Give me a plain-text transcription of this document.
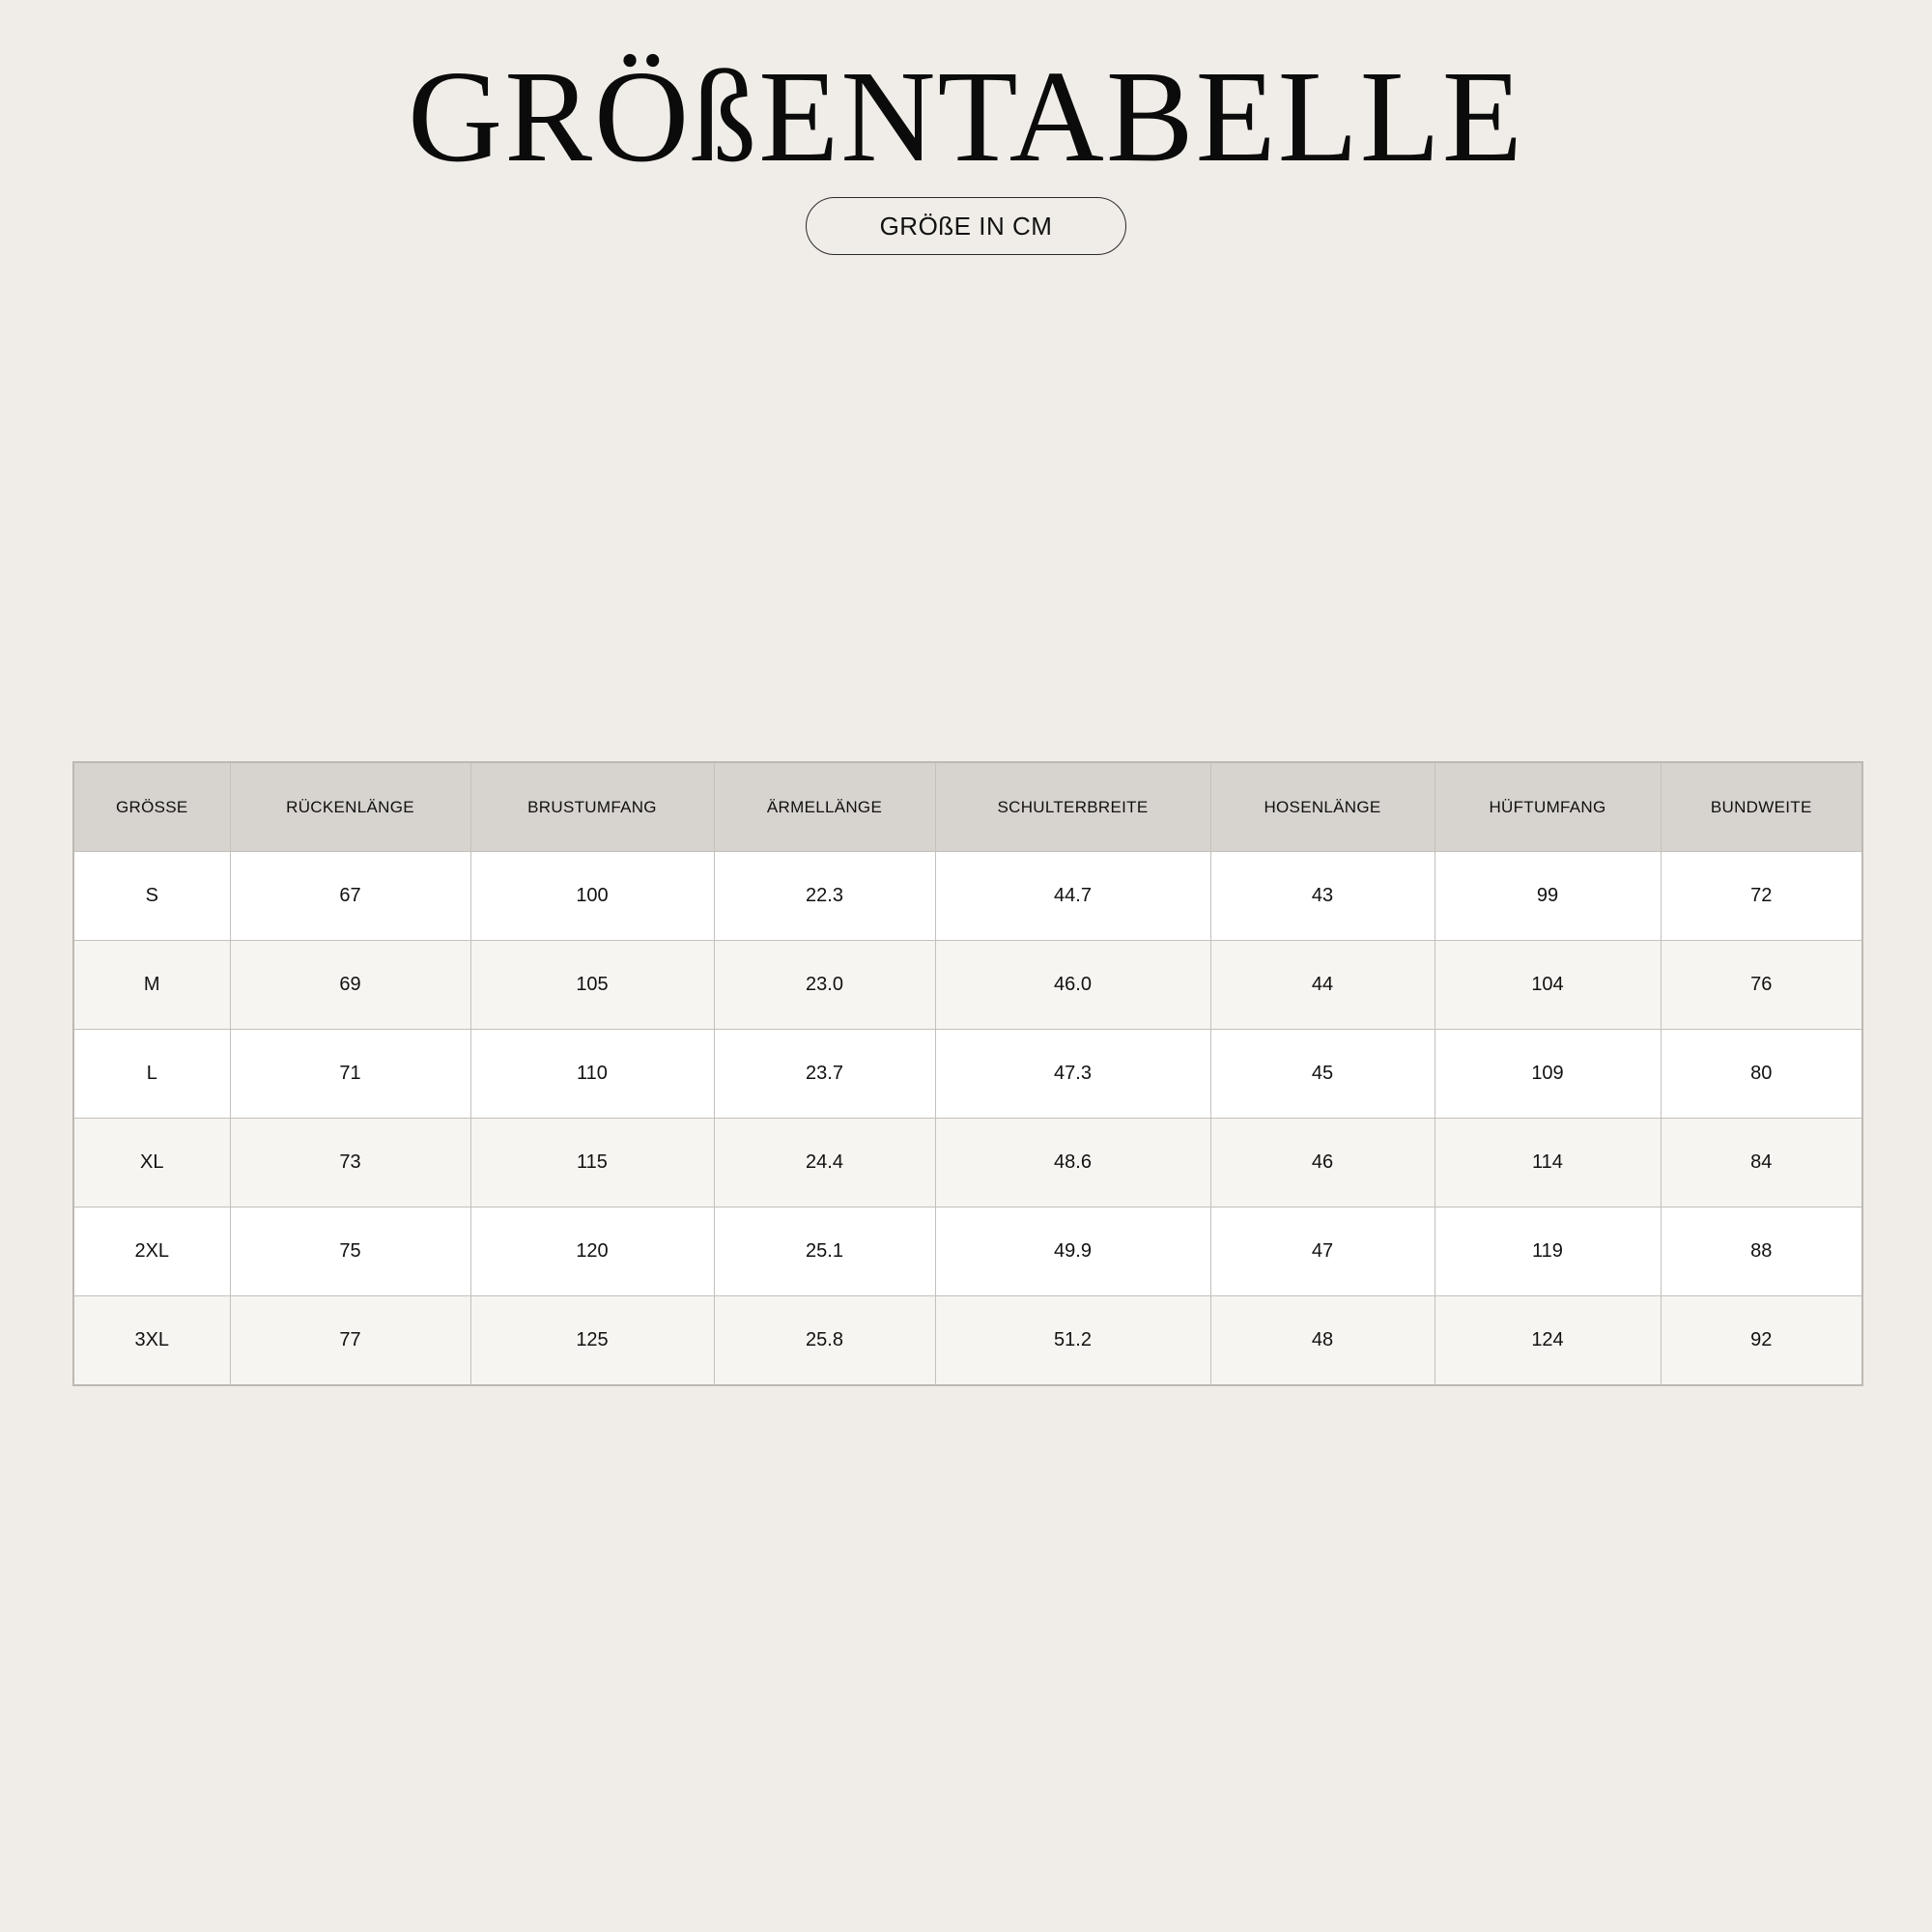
GRÖßENTABELLE
GRÖßE IN CM
GRÖSSE	RÜCKENLÄNGE	BRUSTUMFANG	ÄRMELLÄNGE	SCHULTERBREITE	HOSENLÄNGE	HÜFTUMFANG	BUNDWEITE
S	67	100	22.3	44.7	43	99	72
M	69	105	23.0	46.0	44	104	76
L	71	110	23.7	47.3	45	109	80
XL	73	115	24.4	48.6	46	114	84
2XL	75	120	25.1	49.9	47	119	88
3XL	77	125	25.8	51.2	48	124	92
